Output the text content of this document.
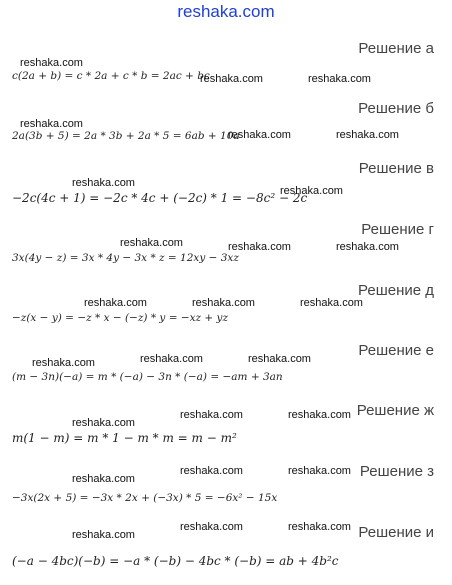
reshaka.com
Решение а
reshaka.com
c(2a + b) = c * 2a + c * b = 2ac + bc
reshaka.com	reshaka.com
Решение б
reshaka.com
2a(3b + 5) = 2a * 3b + 2a * 5 = 6ab + 10a
reshaka.com	reshaka.com
Решение в
reshaka.com
−2c(4c + 1) = −2c * 4c + (−2c) * 1 = −8c² − 2c
reshaka.com
Решение г
reshaka.com	reshaka.com	reshaka.com
3x(4y − z) = 3x * 4y − 3x * z = 12xy − 3xz
Решение д
reshaka.com	reshaka.com	reshaka.com
−z(x − y) = −z * x − (−z) * y = −xz + yz
Решение е
reshaka.com	reshaka.com	reshaka.com
(m − 3n)(−a) = m * (−a) − 3n * (−a) = −am + 3an
Решение ж
reshaka.com
reshaka.com	reshaka.com
m(1 − m) = m * 1 − m * m = m − m²
Решение з
reshaka.com
reshaka.com	reshaka.com
−3x(2x + 5) = −3x * 2x + (−3x) * 5 = −6x² − 15x
Решение и
reshaka.com
reshaka.com	reshaka.com
(−a − 4bc)(−b) = −a * (−b) − 4bc * (−b) = ab + 4b²c
